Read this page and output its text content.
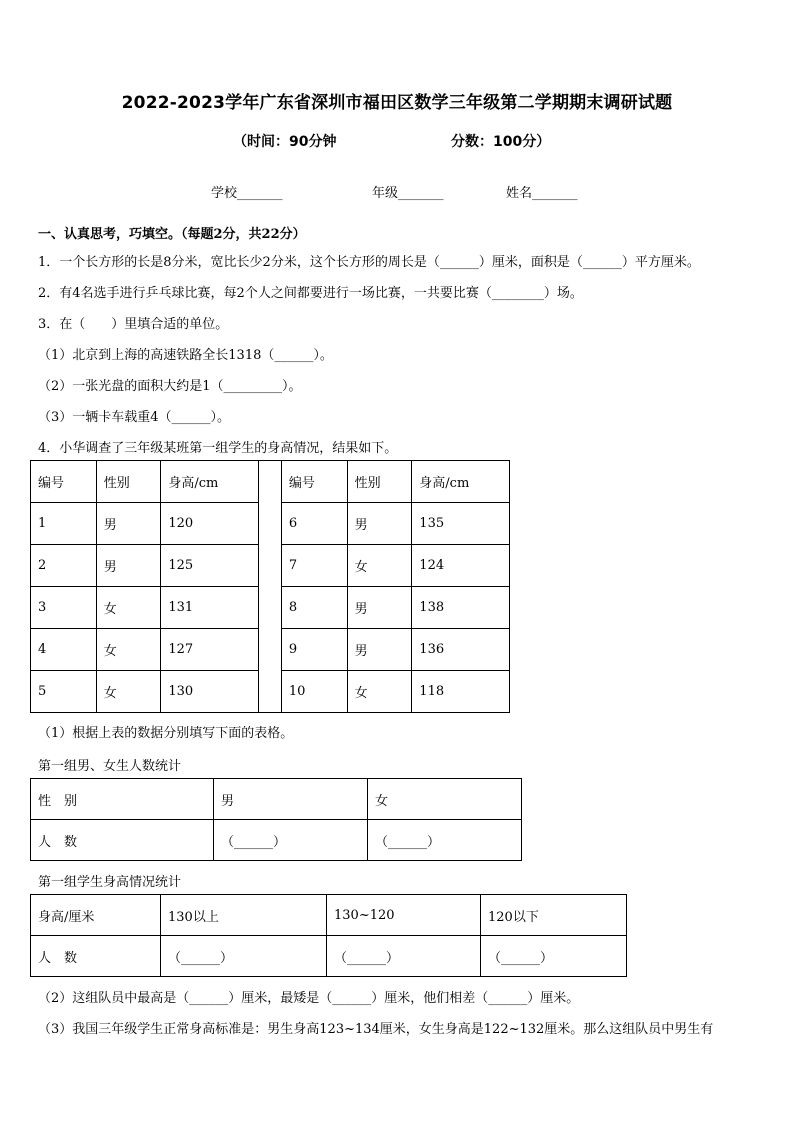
2022-2023学年广东省深圳市福田区数学三年级第二学期期末调研试题
（时间：90分钟	分数：100分）
学校_______	年级_______	姓名_______
一、认真思考，巧填空。（每题2分，共22分）
1．一个长方形的长是8分米，宽比长少2分米，这个长方形的周长是（______）厘米，面积是（______）平方厘米。
2．有4名选手进行乒乓球比赛，每2个人之间都要进行一场比赛，一共要比赛（________）场。
3．在（　　）里填合适的单位。
（1）北京到上海的高速铁路全长1318（______）。
（2）一张光盘的面积大约是1（_________）。
（3）一辆卡车载重4（______）。
4．小华调查了三年级某班第一组学生的身高情况，结果如下。
编号	性别	身高/cm		编号	性别	身高/cm
1	男	120		6	男	135
2	男	125		7	女	124
3	女	131		8	男	138
4	女	127		9	男	136
5	女	130		10	女	118
（1）根据上表的数据分别填写下面的表格。
第一组男、女生人数统计
性　别	男	女
人　数	（______）	（______）
第一组学生身高情况统计
身高/厘米	130以上	130~120	120以下
人　数	（______）	（______）	（______）
（2）这组队员中最高是（______）厘米，最矮是（______）厘米，他们相差（______）厘米。
（3）我国三年级学生正常身高标准是：男生身高123~134厘米，女生身高是122~132厘米。那么这组队员中男生有
